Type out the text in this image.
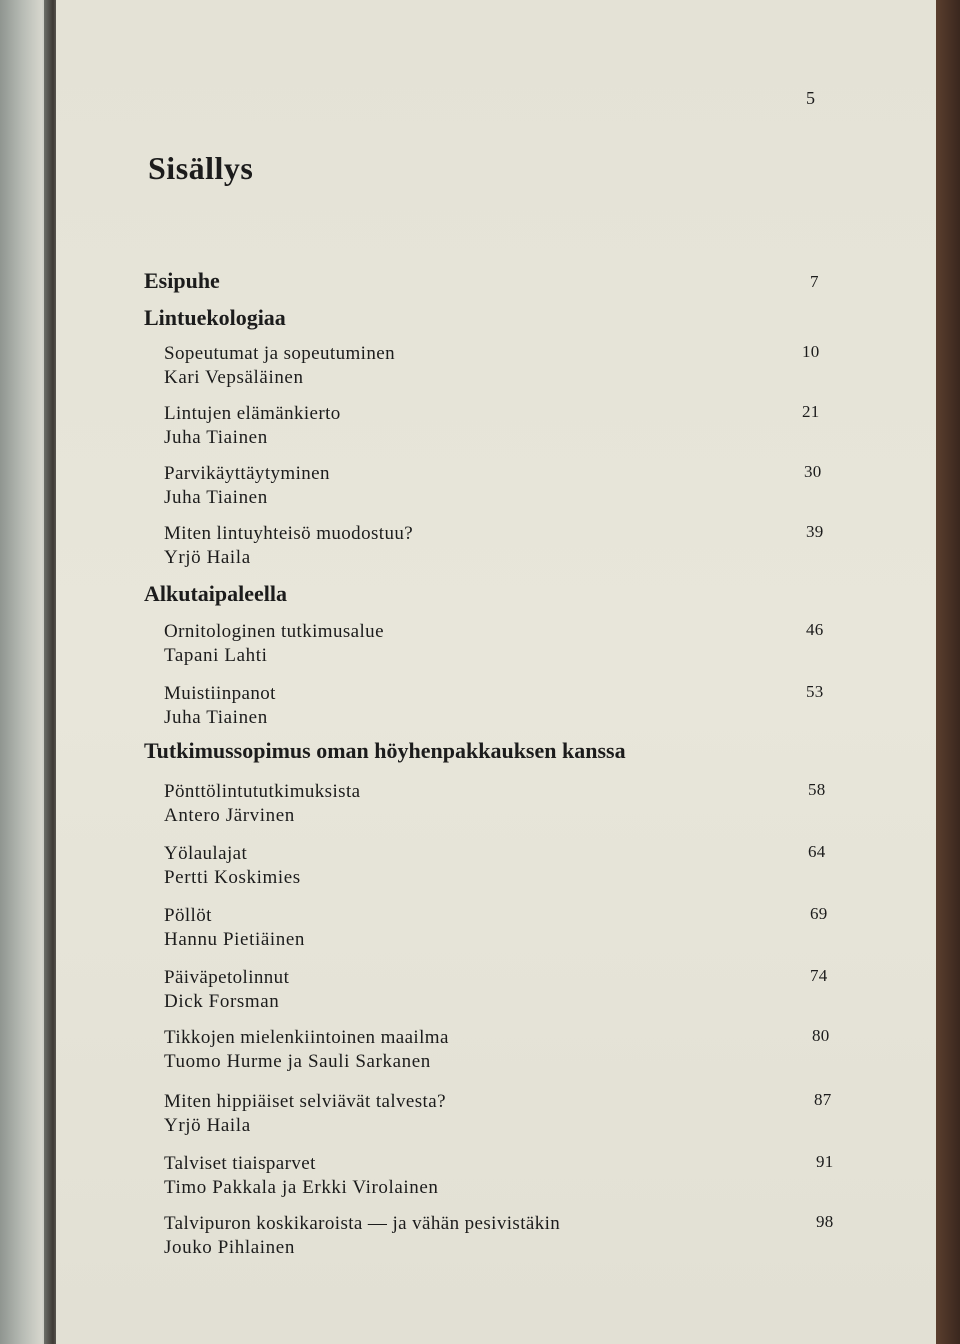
5
Sisällys
Esipuhe	7
Lintuekologiaa
Sopeutumat ja sopeutuminen
Kari Vepsäläinen
10
Lintujen elämänkierto
Juha Tiainen
21
Parvikäyttäytyminen
Juha Tiainen
30
Miten lintuyhteisö muodostuu?
Yrjö Haila
39
Alkutaipaleella
Ornitologinen tutkimusalue
Tapani Lahti
46
Muistiinpanot
Juha Tiainen
53
Tutkimussopimus oman höyhenpakkauksen kanssa
Pönttölintututkimuksista
Antero Järvinen
58
Yölaulajat
Pertti Koskimies
64
Pöllöt
Hannu Pietiäinen
69
Päiväpetolinnut
Dick Forsman
74
Tikkojen mielenkiintoinen maailma
Tuomo Hurme ja Sauli Sarkanen
80
Miten hippiäiset selviävät talvesta?
Yrjö Haila
87
Talviset tiaisparvet
Timo Pakkala ja Erkki Virolainen
91
Talvipuron koskikaroista — ja vähän pesivistäkin
Jouko Pihlainen
98
